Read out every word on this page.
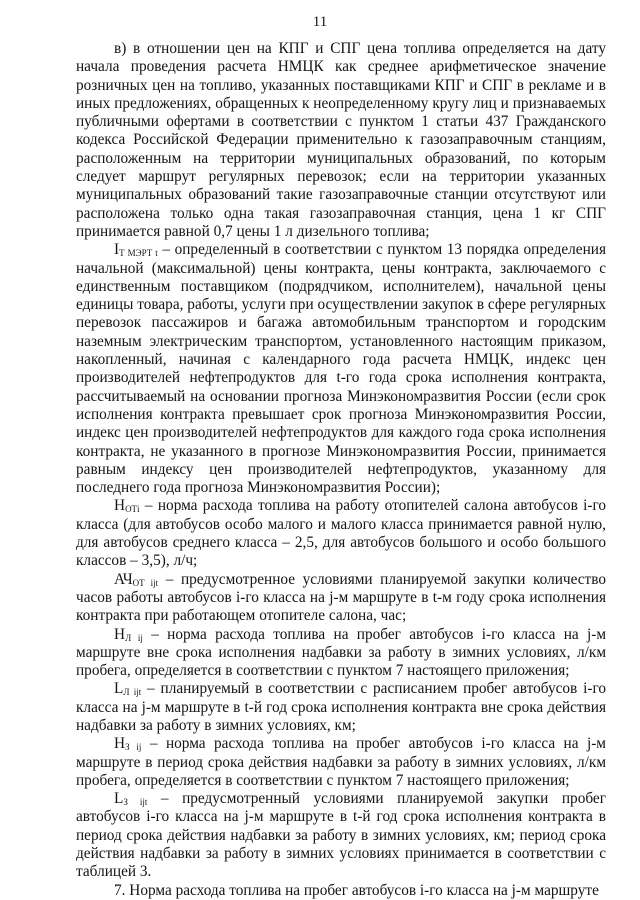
11

в) в отношении цен на КПГ и СПГ цена топлива определяется на дату начала проведения расчета НМЦК как среднее арифметическое значение розничных цен на топливо, указанных поставщиками КПГ и СПГ в рекламе и в иных предложениях, обращенных к неопределенному кругу лиц и признаваемых публичными офертами в соответствии с пунктом 1 статьи 437 Гражданского кодекса Российской Федерации применительно к газозаправочным станциям, расположенным на территории муниципальных образований, по которым следует маршрут регулярных перевозок; если на территории указанных муниципальных образований такие газозаправочные станции отсутствуют или расположена только одна такая газозаправочная станция, цена 1 кг СПГ принимается равной 0,7 цены 1 л дизельного топлива;

$I_{Т МЭРТ t}$ – определенный в соответствии с пунктом 13 порядка определения начальной (максимальной) цены контракта, цены контракта, заключаемого с единственным поставщиком (подрядчиком, исполнителем), начальной цены единицы товара, работы, услуги при осуществлении закупок в сфере регулярных перевозок пассажиров и багажа автомобильным транспортом и городским наземным электрическим транспортом, установленного настоящим приказом, накопленный, начиная с календарного года расчета НМЦК, индекс цен производителей нефтепродуктов для t-го года срока исполнения контракта, рассчитываемый на основании прогноза Минэкономразвития России (если срок исполнения контракта превышает срок прогноза Минэкономразвития России, индекс цен производителей нефтепродуктов для каждого года срока исполнения контракта, не указанного в прогнозе Минэкономразвития России, принимается равным индексу цен производителей нефтепродуктов, указанному для последнего года прогноза Минэкономразвития России);

$Н_{ОТi}$ – норма расхода топлива на работу отопителей салона автобусов i-го класса (для автобусов особо малого и малого класса принимается равной нулю, для автобусов среднего класса – 2,5, для автобусов большого и особо большого классов – 3,5), л/ч;

$АЧ_{ОТ ijt}$ – предусмотренное условиями планируемой закупки количество часов работы автобусов i-го класса на j-м маршруте в t-м году срока исполнения контракта при работающем отопителе салона, час;

$Н_{Л ij}$ – норма расхода топлива на пробег автобусов i-го класса на j-м маршруте вне срока исполнения надбавки за работу в зимних условиях, л/км пробега, определяется в соответствии с пунктом 7 настоящего приложения;

$L_{Л ijt}$ – планируемый в соответствии с расписанием пробег автобусов i-го класса на j-м маршруте в t-й год срока исполнения контракта вне срока действия надбавки за работу в зимних условиях, км;

$Н_{З ij}$ – норма расхода топлива на пробег автобусов i-го класса на j-м маршруте в период срока действия надбавки за работу в зимних условиях, л/км пробега, определяется в соответствии с пунктом 7 настоящего приложения;

$L_{З ijt}$ – предусмотренный условиями планируемой закупки пробег автобусов i-го класса на j-м маршруте в t-й год срока исполнения контракта в период срока действия надбавки за работу в зимних условиях, км; период срока действия надбавки за работу в зимних условиях принимается в соответствии с таблицей 3.

7. Норма расхода топлива на пробег автобусов i-го класса на j-м маршруте
